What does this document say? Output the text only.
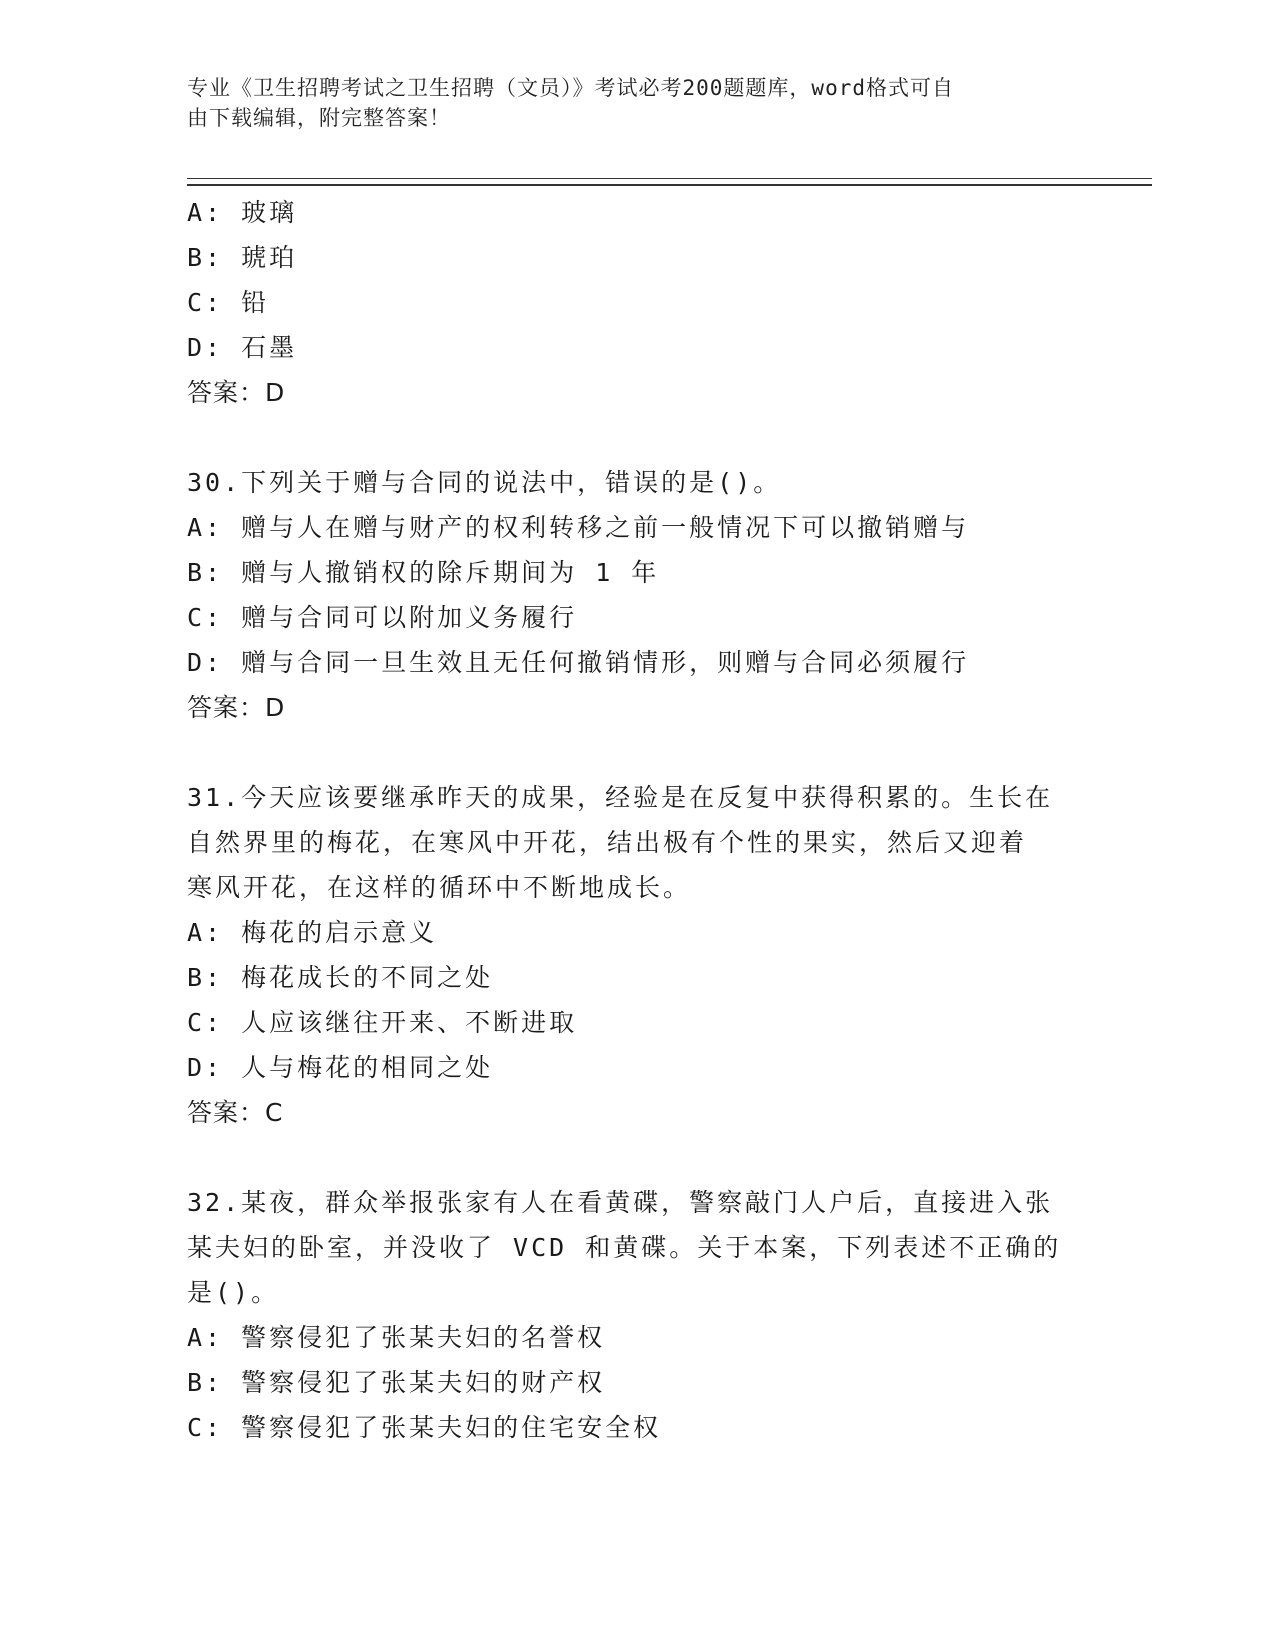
专业《卫生招聘考试之卫生招聘（文员）》考试必考200题题库，word格式可自
由下载编辑，附完整答案！
A: 玻璃
B: 琥珀
C: 铅
D: 石墨
答案：D
30.下列关于赠与合同的说法中，错误的是()。
A: 赠与人在赠与财产的权利转移之前一般情况下可以撤销赠与
B: 赠与人撤销权的除斥期间为 1 年
C: 赠与合同可以附加义务履行
D: 赠与合同一旦生效且无任何撤销情形，则赠与合同必须履行
答案：D
31.今天应该要继承昨天的成果，经验是在反复中获得积累的。生长在
自然界里的梅花，在寒风中开花，结出极有个性的果实，然后又迎着
寒风开花，在这样的循环中不断地成长。
A: 梅花的启示意义
B: 梅花成长的不同之处
C: 人应该继往开来、不断进取
D: 人与梅花的相同之处
答案：C
32.某夜，群众举报张家有人在看黄碟，警察敲门人户后，直接进入张
某夫妇的卧室，并没收了 VCD 和黄碟。关于本案，下列表述不正确的
是()。
A: 警察侵犯了张某夫妇的名誉权
B: 警察侵犯了张某夫妇的财产权
C: 警察侵犯了张某夫妇的住宅安全权
